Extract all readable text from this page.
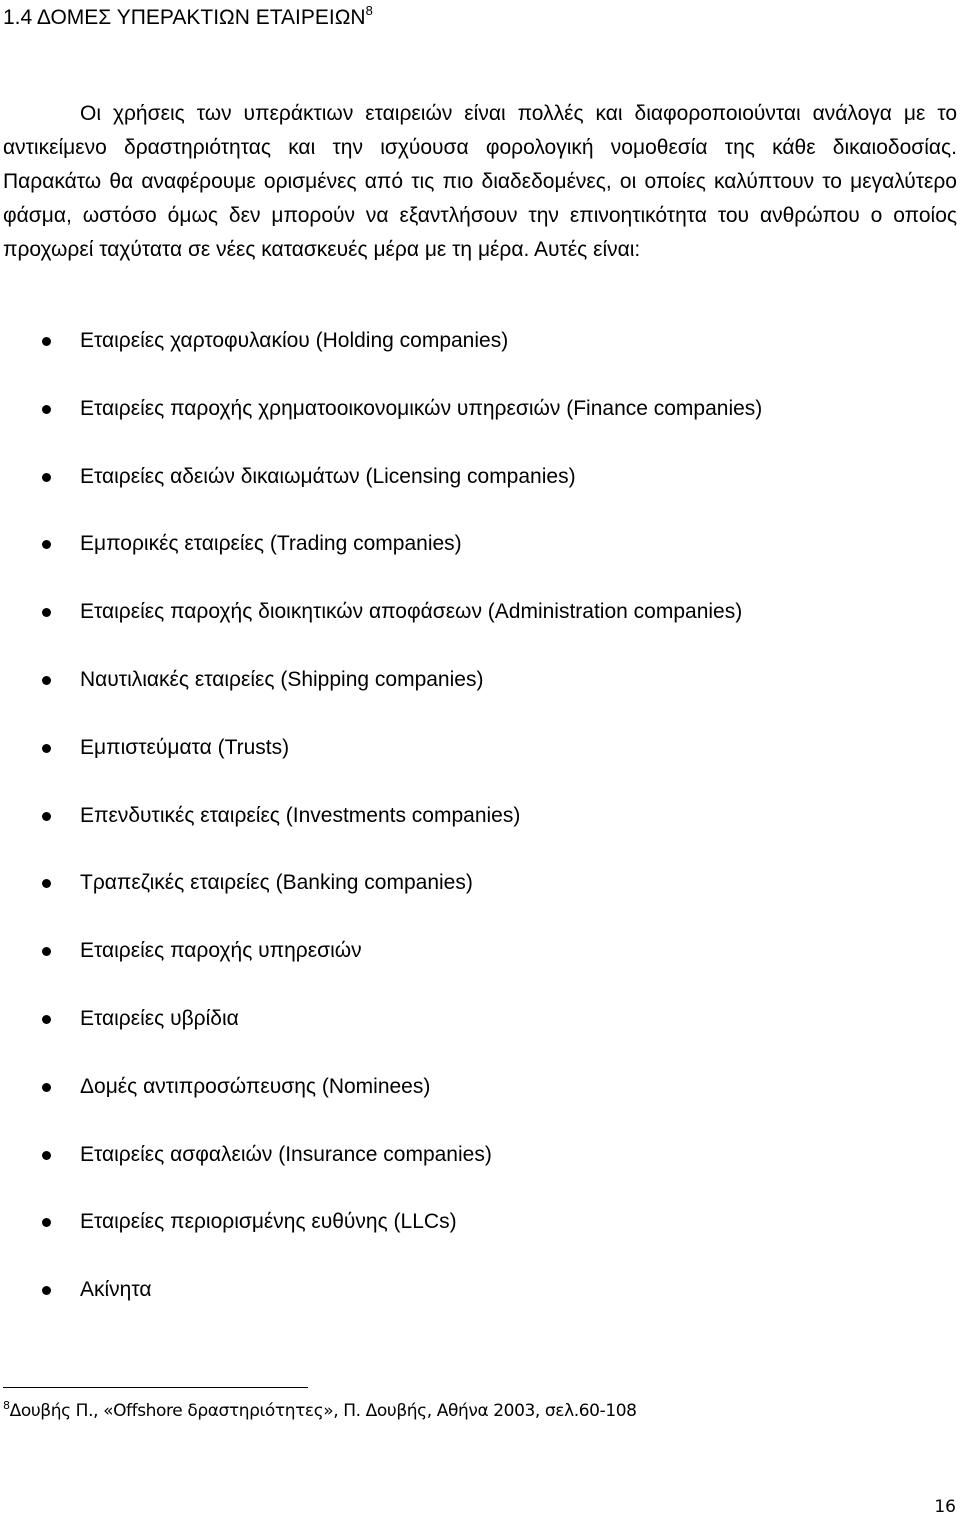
1.4 ΔΟΜΕΣ ΥΠΕΡΑΚΤΙΩΝ ΕΤΑΙΡΕΙΩΝ$^8$

Οι χρήσεις των υπεράκτιων εταιρειών είναι πολλές και διαφοροποιούνται ανάλογα με το αντικείμενο δραστηριότητας και την ισχύουσα φορολογική νομοθεσία της κάθε δικαιοδοσίας. Παρακάτω θα αναφέρουμε ορισμένες από τις πιο διαδεδομένες, οι οποίες καλύπτουν το μεγαλύτερο φάσμα, ωστόσο όμως δεν μπορούν να εξαντλήσουν την επινοητικότητα του ανθρώπου ο οποίος προχωρεί ταχύτατα σε νέες κατασκευές μέρα με τη μέρα. Αυτές είναι:

Εταιρείες χαρτοφυλακίου (Holding companies)
Εταιρείες παροχής χρηματοοικονομικών υπηρεσιών (Finance companies)
Εταιρείες αδειών δικαιωμάτων (Licensing companies)
Εμπορικές εταιρείες (Trading companies)
Εταιρείες παροχής διοικητικών αποφάσεων (Administration companies)
Ναυτιλιακές εταιρείες (Shipping companies)
Εμπιστεύματα (Trusts)
Επενδυτικές εταιρείες (Investments companies)
Τραπεζικές εταιρείες (Banking companies)
Εταιρείες παροχής υπηρεσιών
Εταιρείες υβρίδια
Δομές αντιπροσώπευσης (Nominees)
Εταιρείες ασφαλειών (Insurance companies)
Εταιρείες περιορισμένης ευθύνης (LLCs)
Ακίνητα
$^8$Δουβής Π., «Offshore δραστηριότητες», Π. Δουβής, Αθήνα 2003, σελ.60-108
16
